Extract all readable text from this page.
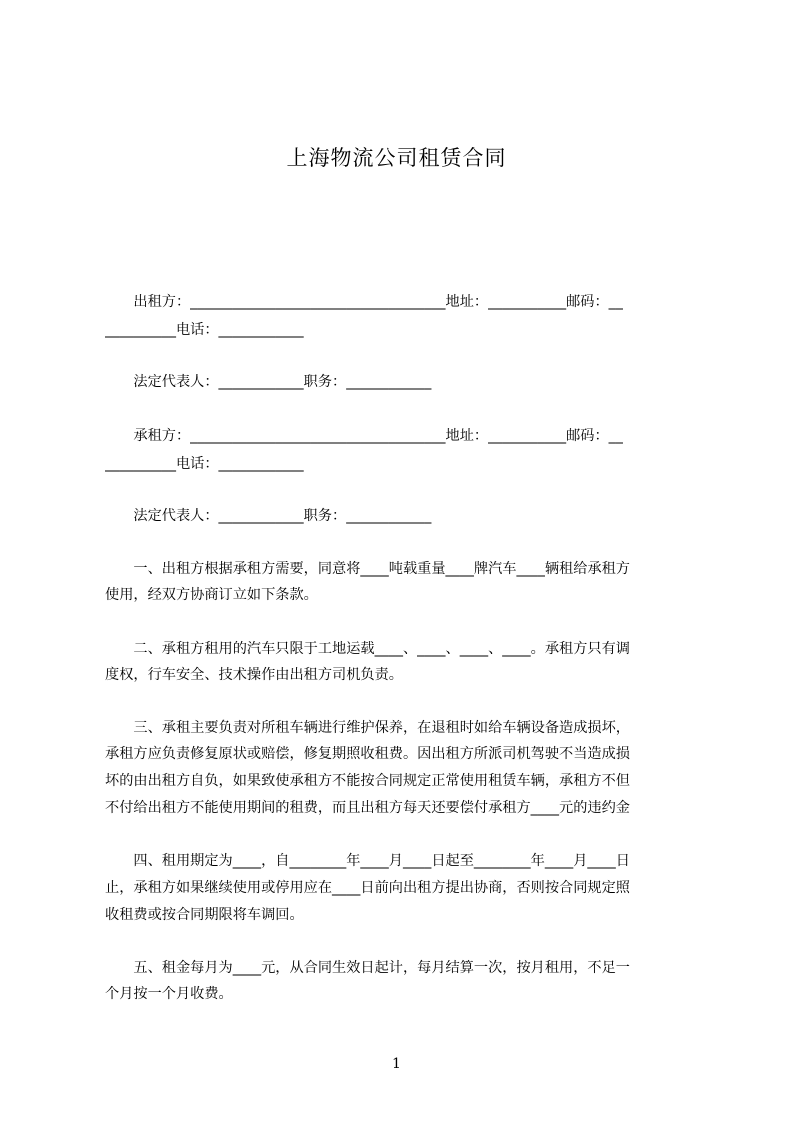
上海物流公司租赁合同
　　出租方：____________________________________地址：___________邮码：__
__________电话：____________
　　法定代表人：____________职务：____________
　　承租方：____________________________________地址：___________邮码：__
__________电话：____________
　　法定代表人：____________职务：____________
　　一、出租方根据承租方需要，同意将____吨载重量____牌汽车____辆租给承租方
使用，经双方协商订立如下条款。
　　二、承租方租用的汽车只限于工地运载____、____、____、____。承租方只有调
度权，行车安全、技术操作由出租方司机负责。
　　三、承租主要负责对所租车辆进行维护保养，在退租时如给车辆设备造成损坏，
承租方应负责修复原状或赔偿，修复期照收租费。因出租方所派司机驾驶不当造成损
坏的由出租方自负，如果致使承租方不能按合同规定正常使用租赁车辆，承租方不但
不付给出租方不能使用期间的租费，而且出租方每天还要偿付承租方____元的违约金
　　四、租用期定为____，自________年____月____日起至________年____月____日
止，承租方如果继续使用或停用应在____日前向出租方提出协商，否则按合同规定照
收租费或按合同期限将车调回。
　　五、租金每月为____元，从合同生效日起计，每月结算一次，按月租用，不足一
个月按一个月收费。
1
